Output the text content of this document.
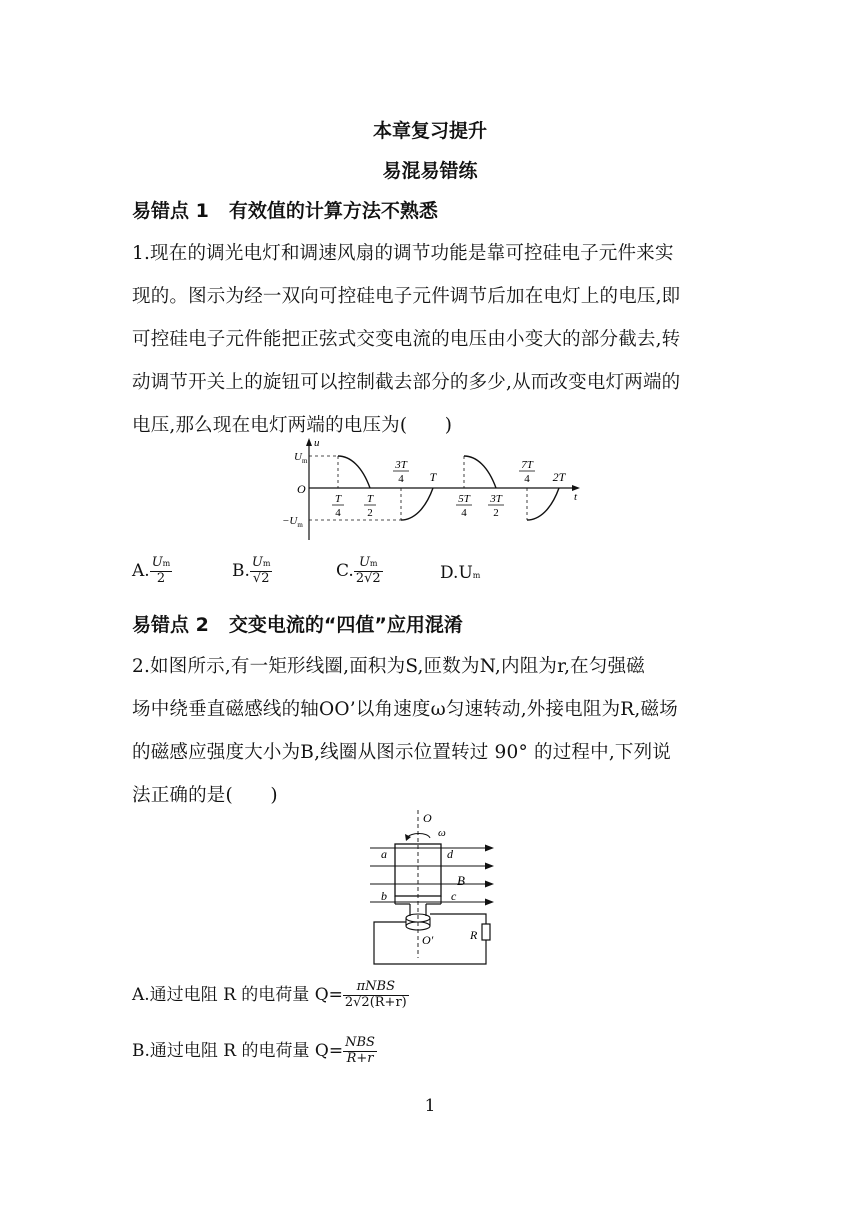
本章复习提升
易混易错练
易错点 1 有效值的计算方法不熟悉
1.现在的调光电灯和调速风扇的调节功能是靠可控硅电子元件来实
现的。图示为经一双向可控硅电子元件调节后加在电灯上的电压,即
可控硅电子元件能把正弦式交变电流的电压由小变大的部分截去,转
动调节开关上的旋钮可以控制截去部分的多少,从而改变电灯两端的
电压,那么现在电灯两端的电压为(　　)
$U_m$
O
$-U_m$
u
t
T
4
T
2
3T
4 T
5T
4
3T
2
7T
4 2T
A. $\frac{Um}{2}$	B. $\frac{Um}{√2}$	C. $\frac{Um}{2√2}$	D.Um
易错点 2 交变电流的“四值”应用混淆
2.如图所示,有一矩形线圈,面积为S,匝数为N,内阻为r,在匀强磁
场中绕垂直磁感线的轴OO’以角速度ω匀速转动,外接电阻为R,磁场
的磁感应强度大小为B,线圈从图示位置转过 90° 的过程中,下列说
法正确的是(　　)
O
ω
a	d
B
b	c
O′	R
A.通过电阻 R 的电荷量 $Q= \frac{\text{πNBS}}{2√2(R+r)}$
B.通过电阻 R 的电荷量 $Q= \frac{\text{NBS}}{R+r}$
1
